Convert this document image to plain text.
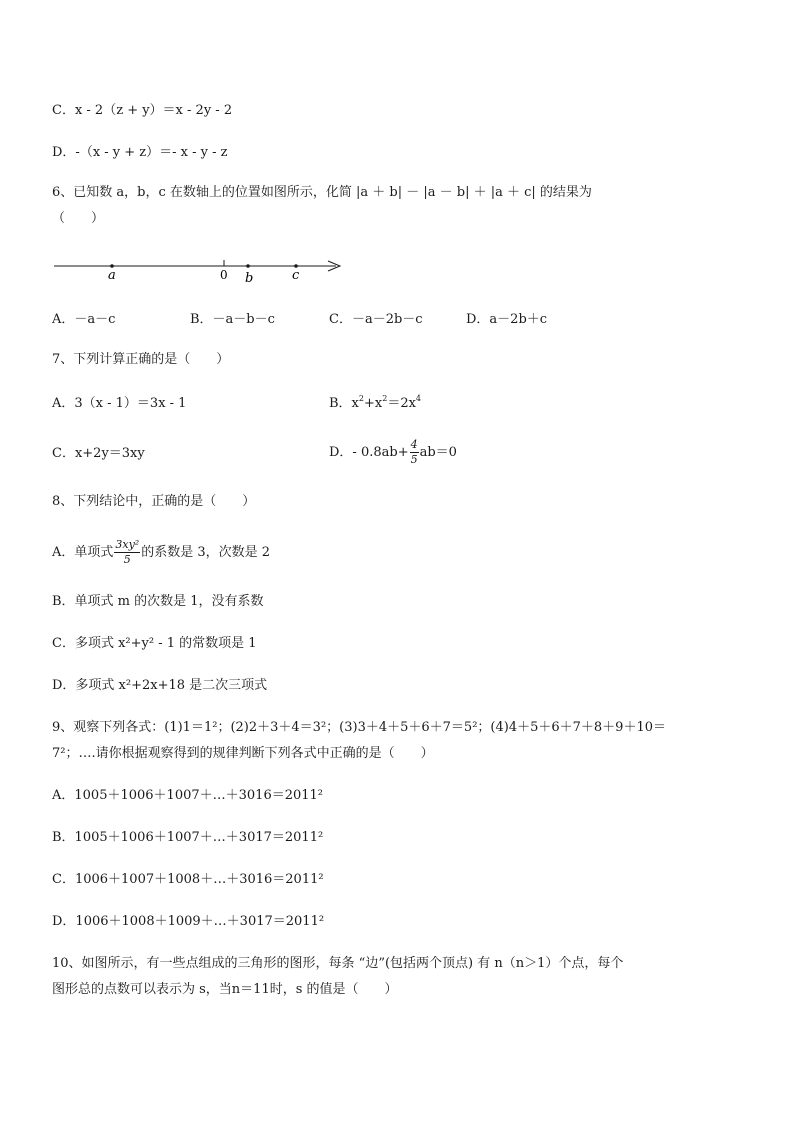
C．x - 2（z + y）＝x - 2y - 2
D．-（x - y + z）＝- x - y - z
6、已知数 a，b，c 在数轴上的位置如图所示，化简 |a ＋ b| － |a － b| ＋ |a ＋ c| 的结果为
（　　）
a	0 b	c
A．－a－c	B．－a－b－c	C．－a－2b－c	D．a－2b＋c
7、下列计算正确的是（　　）
A．3（x - 1）＝3x - 1	B．$x^2+x^2=2x^4$
C．x+2y＝3xy	D．- $0.8ab+ \frac{4}{5} ab=0$
8、下列结论中，正确的是（　　）
A．单项式 $\frac{\text{3xy²}}{5}$ 的系数是 3，次数是 2
B．单项式 m 的次数是 1，没有系数
C．多项式 x²+y² - 1 的常数项是 1
D．多项式 x²+2x+18 是二次三项式
9、观察下列各式：(1)1＝1²；(2)2＋3＋4＝3²；(3)3＋4＋5＋6＋7＝5²；(4)4＋5＋6＋7＋8＋9＋10＝
7²；….请你根据观察得到的规律判断下列各式中正确的是（　　）
A．1005＋1006＋1007＋…＋3016＝2011²
B．1005＋1006＋1007＋…＋3017＝2011²
C．1006＋1007＋1008＋…＋3016＝2011²
D．1006＋1008＋1009＋…＋3017＝2011²
10、如图所示，有一些点组成的三角形的图形，每条 “边”(包括两个顶点) 有 n（n＞1）个点，每个
图形总的点数可以表示为 s，当n＝11时，s 的值是（　　）
